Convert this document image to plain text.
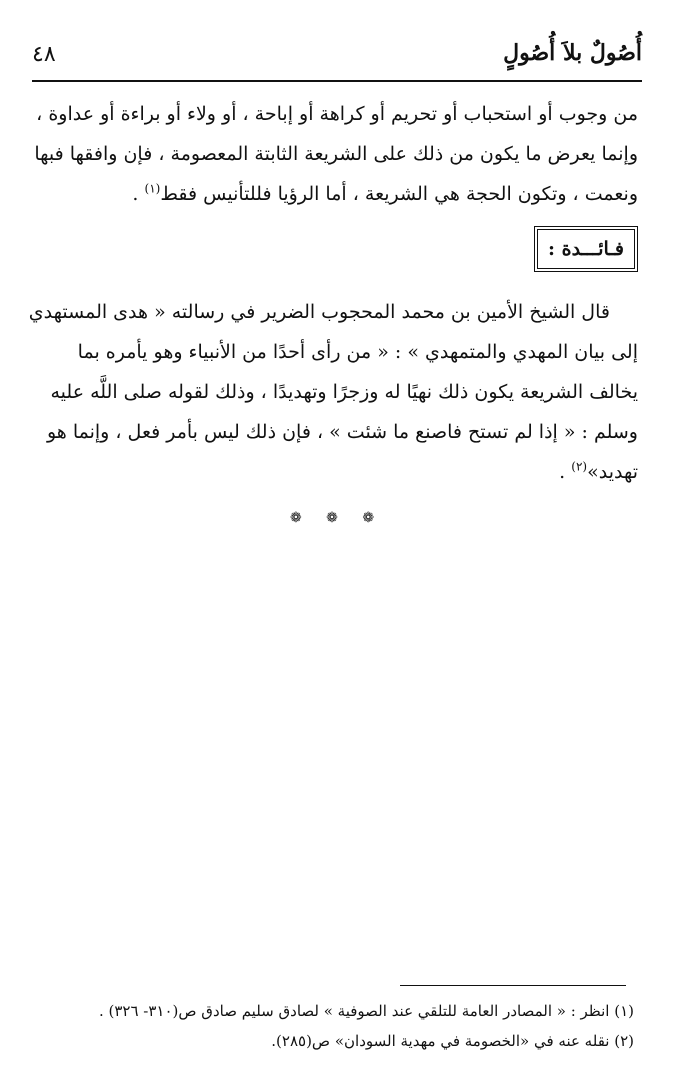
أُصُولٌ بلاَ أُصُولٍ
٤٨

من وجوب أو استحباب أو تحريم أو كراهة أو إباحة ، أو ولاء أو براءة أو عداوة ،

وإنما يعرض ما يكون من ذلك على الشريعة الثابتة المعصومة ، فإن وافقها فبها

ونعمت ، وتكون الحجة هي الشريعة ، أما الرؤيا فللتأنيس فقط$^{(١)}$ .

فـائـــدة :

قال الشيخ الأمين بن محمد المحجوب الضرير في رسالته « هدى المستهدي

إلى بيان المهدي والمتمهدي » : « من رأى أحدًا من الأنبياء وهو يأمره بما

يخالف الشريعة يكون ذلك نهيًا له وزجرًا وتهديدًا ، وذلك لقوله صلى اللَّه عليه

وسلم : « إذا لم تستح فاصنع ما شئت » ، فإن ذلك ليس بأمر فعل ، وإنما هو

تهديد»$^{(٢)}$ .

❁ ❁ ❁

(١) انظر : « المصادر العامة للتلقي عند الصوفية » لصادق سليم صادق ص(٣١٠- ٣٢٦) .

(٢) نقله عنه في «الخصومة في مهدية السودان» ص(٢٨٥).
